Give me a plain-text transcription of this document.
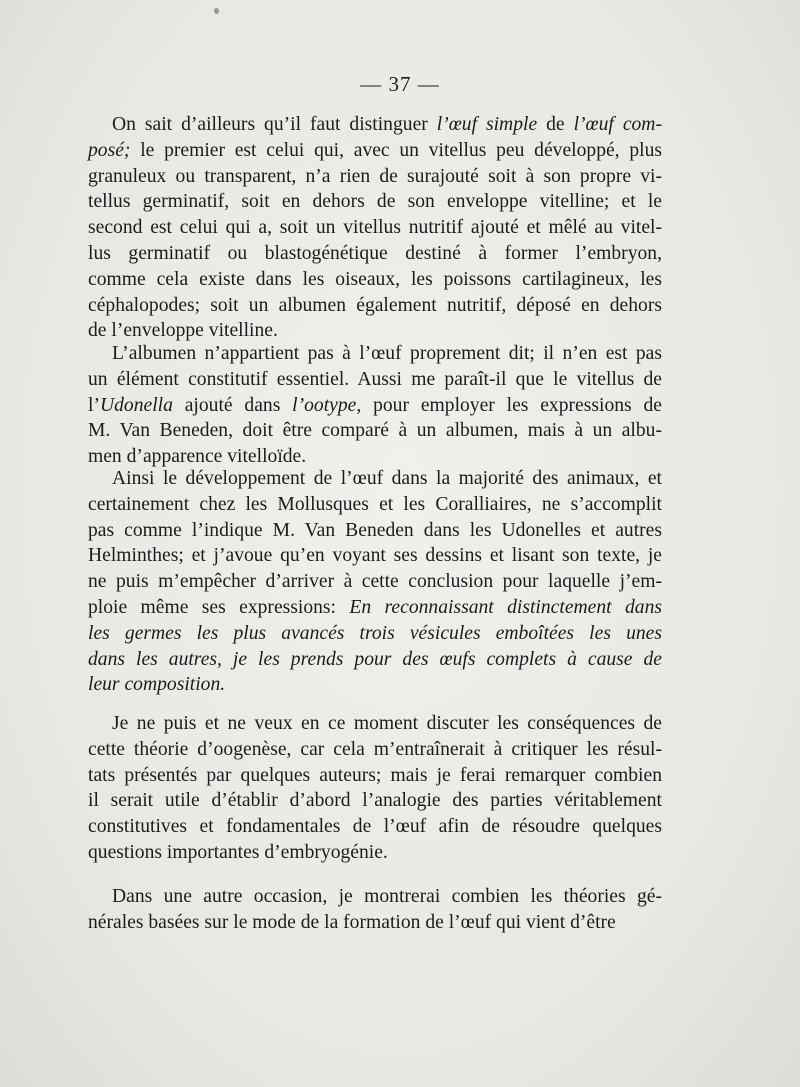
— 37 —
On sait d’ailleurs qu’il faut distinguer l’œuf simple de l’œuf com-
posé; le premier est celui qui, avec un vitellus peu développé, plus
granuleux ou transparent, n’a rien de surajouté soit à son propre vi-
tellus germinatif, soit en dehors de son enveloppe vitelline; et le
second est celui qui a, soit un vitellus nutritif ajouté et mêlé au vitel-
lus germinatif ou blastogénétique destiné à former l’embryon,
comme cela existe dans les oiseaux, les poissons cartilagineux, les
céphalopodes; soit un albumen également nutritif, déposé en dehors
de l’enveloppe vitelline.
L’albumen n’appartient pas à l’œuf proprement dit; il n’en est pas
un élément constitutif essentiel. Aussi me paraît-il que le vitellus de
l’Udonella ajouté dans l’ootype, pour employer les expressions de
M. Van Beneden, doit être comparé à un albumen, mais à un albu-
men d’apparence vitelloïde.
Ainsi le développement de l’œuf dans la majorité des animaux, et
certainement chez les Mollusques et les Coralliaires, ne s’accomplit
pas comme l’indique M. Van Beneden dans les Udonelles et autres
Helminthes; et j’avoue qu’en voyant ses dessins et lisant son texte, je
ne puis m’empêcher d’arriver à cette conclusion pour laquelle j’em-
ploie même ses expressions: En reconnaissant distinctement dans
les germes les plus avancés trois vésicules emboîtées les unes
dans les autres, je les prends pour des œufs complets à cause de
leur composition.
Je ne puis et ne veux en ce moment discuter les conséquences de
cette théorie d’oogenèse, car cela m’entraînerait à critiquer les résul-
tats présentés par quelques auteurs; mais je ferai remarquer combien
il serait utile d’établir d’abord l’analogie des parties véritablement
constitutives et fondamentales de l’œuf afin de résoudre quelques
questions importantes d’embryogénie.
Dans une autre occasion, je montrerai combien les théories gé-
nérales basées sur le mode de la formation de l’œuf qui vient d’être
